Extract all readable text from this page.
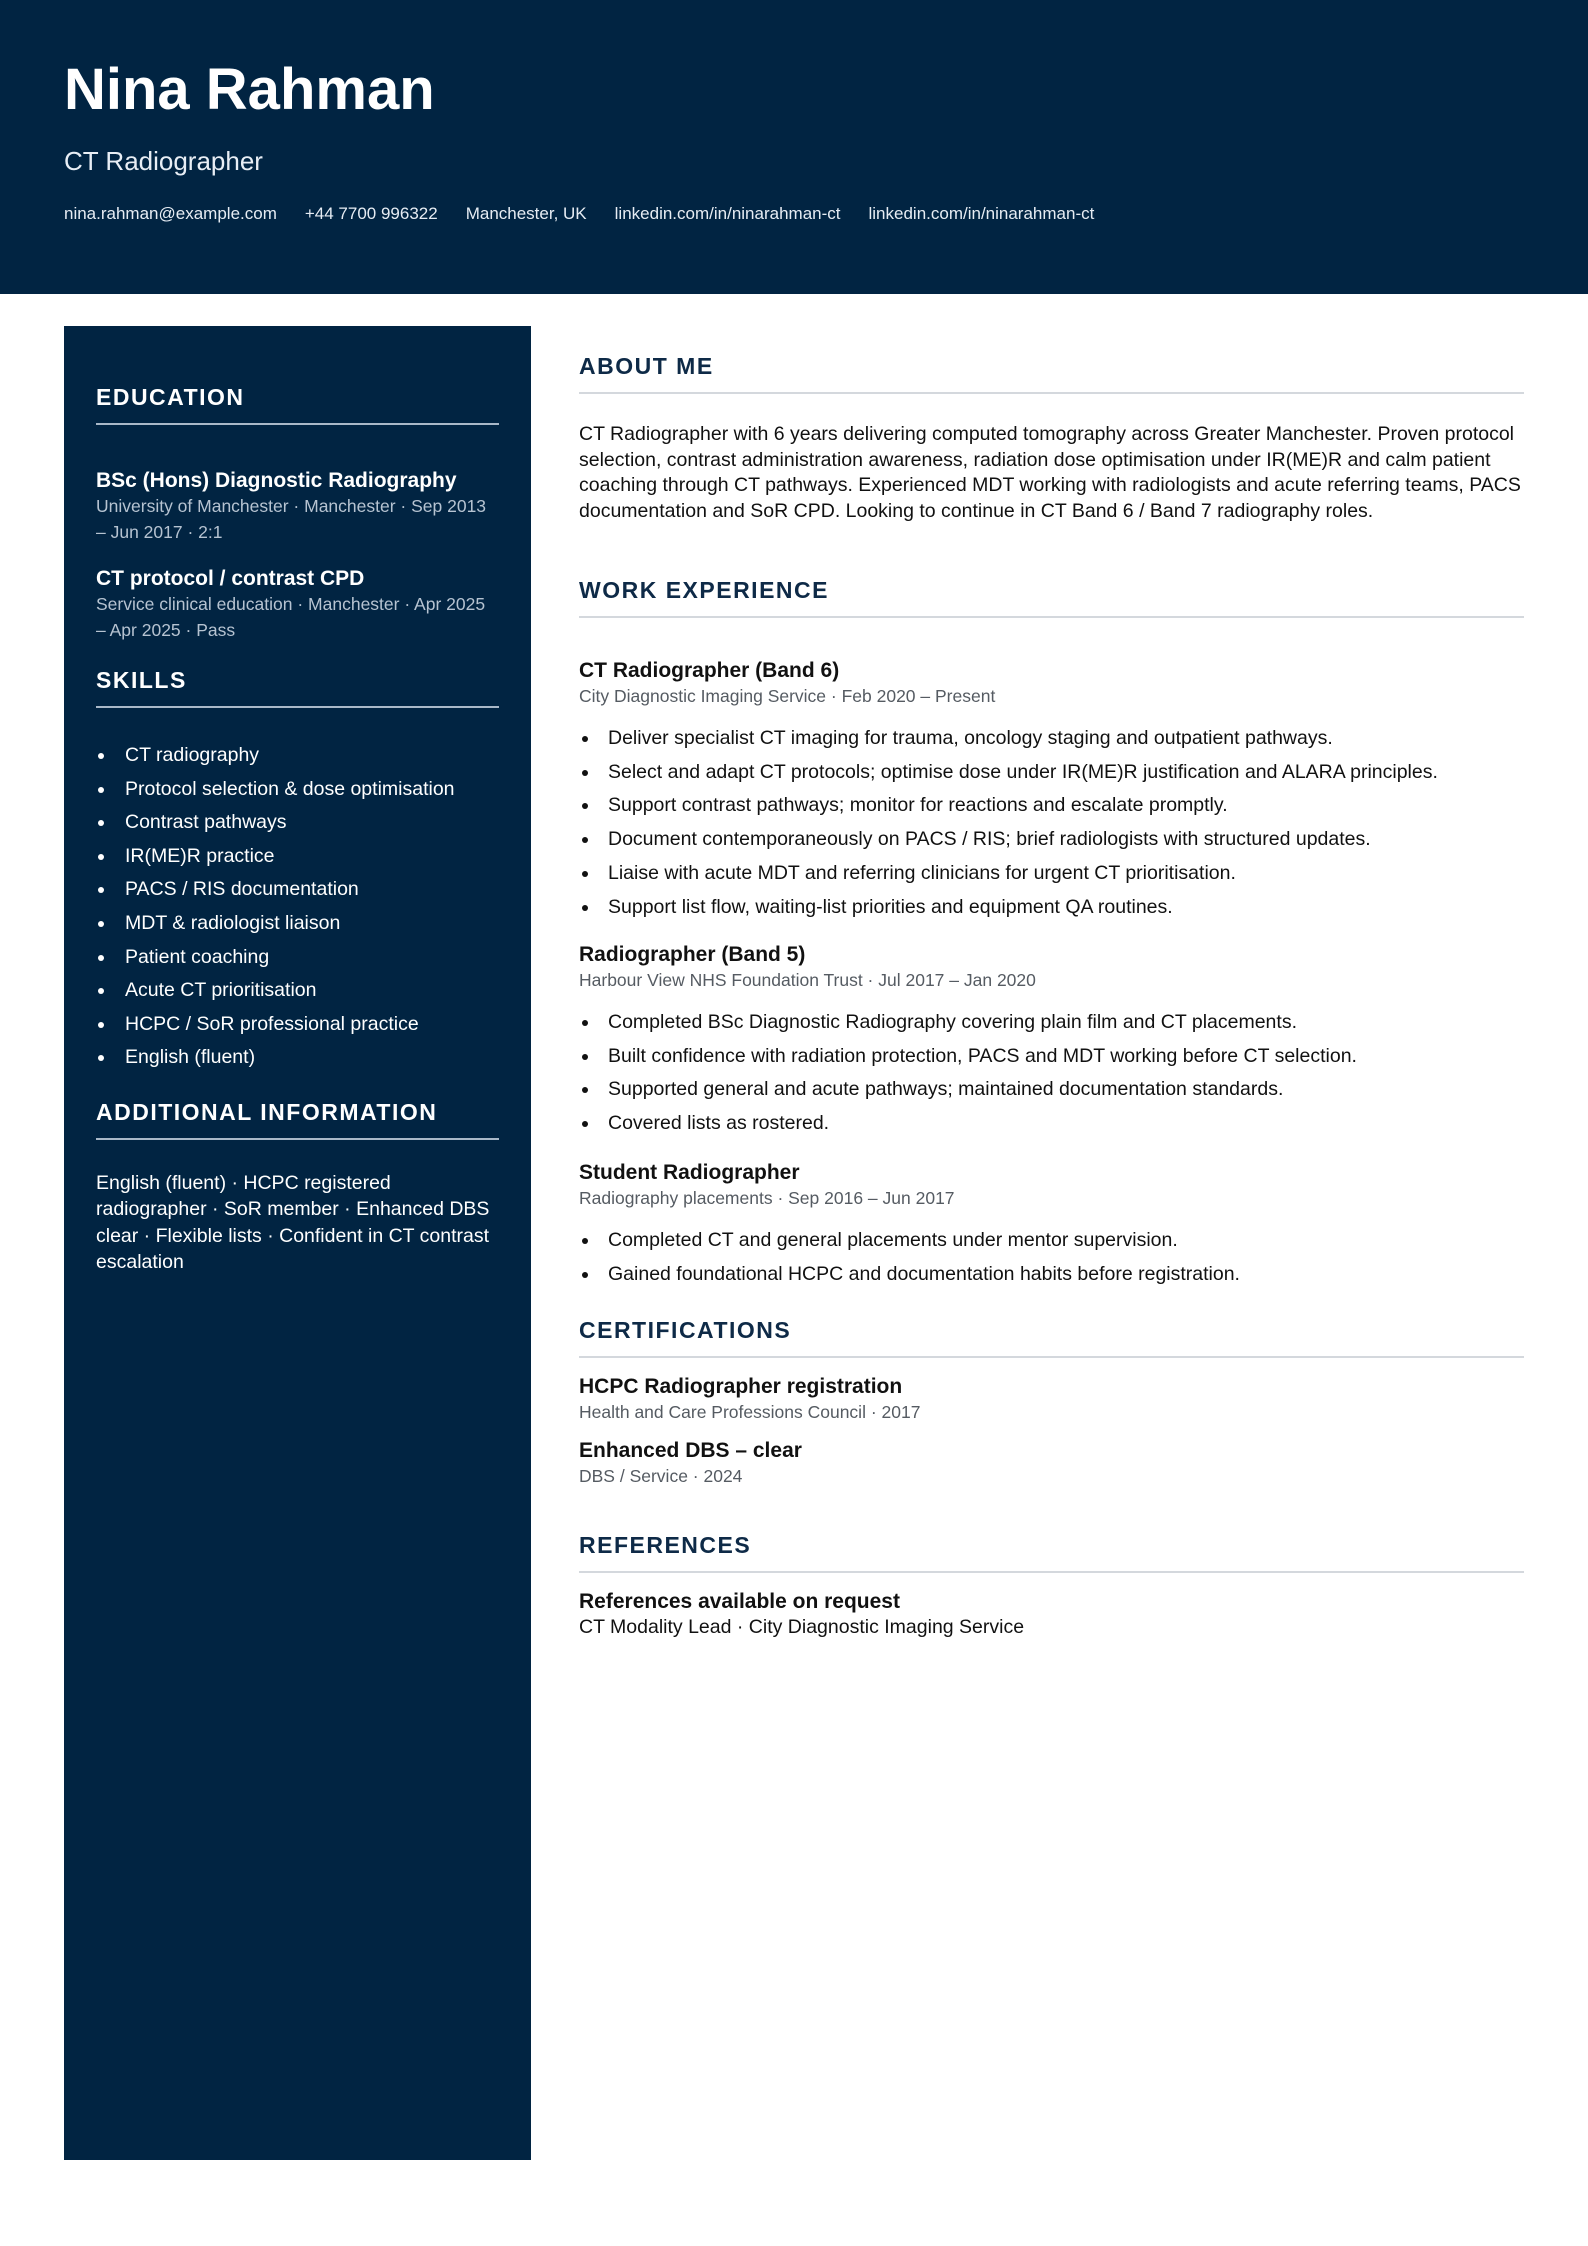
Nina Rahman
CT Radiographer
nina.rahman@example.com +44 7700 996322 Manchester, UK linkedin.com/in/ninarahman-ct linkedin.com/in/ninarahman-ct
EDUCATION
BSc (Hons) Diagnostic Radiography
University of Manchester · Manchester · Sep 2013 – Jun 2017 · 2:1
CT protocol / contrast CPD
Service clinical education · Manchester · Apr 2025 – Apr 2025 · Pass
SKILLS
CT radiography
Protocol selection & dose optimisation
Contrast pathways
IR(ME)R practice
PACS / RIS documentation
MDT & radiologist liaison
Patient coaching
Acute CT prioritisation
HCPC / SoR professional practice
English (fluent)
ADDITIONAL INFORMATION
English (fluent) · HCPC registered radiographer · SoR member · Enhanced DBS clear · Flexible lists · Confident in CT contrast escalation
ABOUT ME
CT Radiographer with 6 years delivering computed tomography across Greater Manchester. Proven protocol selection, contrast administration awareness, radiation dose optimisation under IR(ME)R and calm patient coaching through CT pathways. Experienced MDT working with radiologists and acute referring teams, PACS documentation and SoR CPD. Looking to continue in CT Band 6 / Band 7 radiography roles.
WORK EXPERIENCE
CT Radiographer (Band 6)
City Diagnostic Imaging Service · Feb 2020 – Present
Deliver specialist CT imaging for trauma, oncology staging and outpatient pathways.
Select and adapt CT protocols; optimise dose under IR(ME)R justification and ALARA principles.
Support contrast pathways; monitor for reactions and escalate promptly.
Document contemporaneously on PACS / RIS; brief radiologists with structured updates.
Liaise with acute MDT and referring clinicians for urgent CT prioritisation.
Support list flow, waiting-list priorities and equipment QA routines.
Radiographer (Band 5)
Harbour View NHS Foundation Trust · Jul 2017 – Jan 2020
Completed BSc Diagnostic Radiography covering plain film and CT placements.
Built confidence with radiation protection, PACS and MDT working before CT selection.
Supported general and acute pathways; maintained documentation standards.
Covered lists as rostered.
Student Radiographer
Radiography placements · Sep 2016 – Jun 2017
Completed CT and general placements under mentor supervision.
Gained foundational HCPC and documentation habits before registration.
CERTIFICATIONS
HCPC Radiographer registration
Health and Care Professions Council · 2017
Enhanced DBS – clear
DBS / Service · 2024
REFERENCES
References available on request
CT Modality Lead · City Diagnostic Imaging Service
